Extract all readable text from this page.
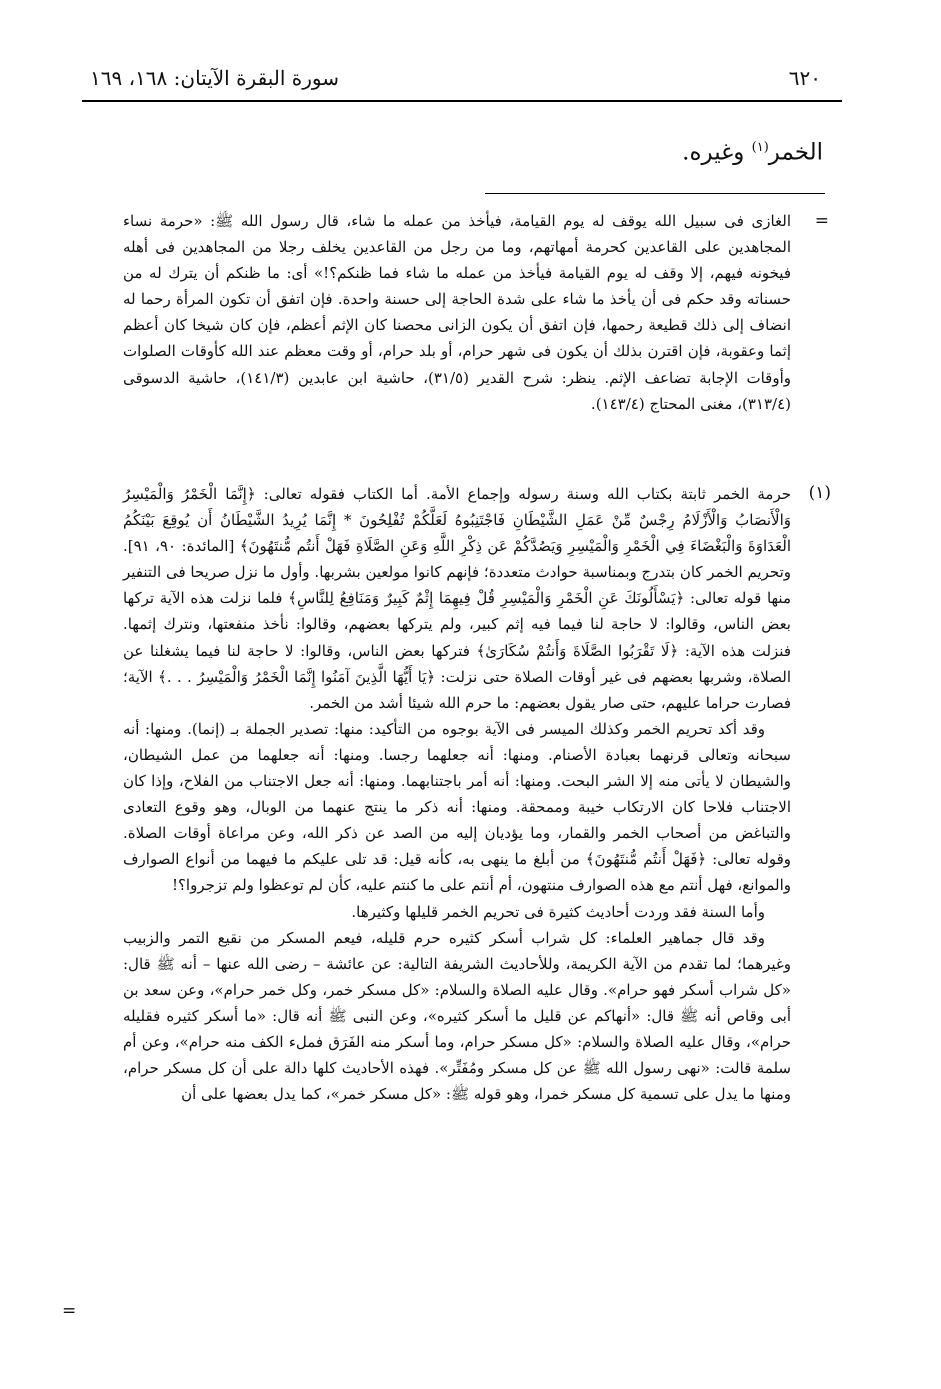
٦٢٠
سورة البقرة الآيتان: ١٦٨، ١٦٩
الخمر$^{(١)}$ وغيره.
=

الغازى فى سبيل الله يوقف له يوم القيامة، فيأخذ من عمله ما شاء، قال رسول الله ﷺ: «حرمة نساء المجاهدين على القاعدين كحرمة أمهاتهم، وما من رجل من القاعدين يخلف رجلا من المجاهدين فى أهله فيخونه فيهم، إلا وقف له يوم القيامة فيأخذ من عمله ما شاء فما ظنكم؟!» أى: ما ظنكم أن يترك له من حسناته وقد حكم فى أن يأخذ ما شاء على شدة الحاجة إلى حسنة واحدة. فإن اتفق أن تكون المرأة رحما له انضاف إلى ذلك قطيعة رحمها، فإن اتفق أن يكون الزانى محصنا كان الإثم أعظم، فإن كان شيخا كان أعظم إثما وعقوبة، فإن اقترن بذلك أن يكون فى شهر حرام، أو بلد حرام، أو وقت معظم عند الله كأوقات الصلوات وأوقات الإجابة تضاعف الإثم. ينظر: شرح القدير (٣١/٥)، حاشية ابن عابدين (١٤١/٣)، حاشية الدسوقى (٣١٣/٤)، مغنى المحتاج (١٤٣/٤).

(١)

حرمة الخمر ثابتة بكتاب الله وسنة رسوله وإجماع الأمة. أما الكتاب فقوله تعالى: ﴿إِنَّمَا الْخَمْرُ وَالْمَيْسِرُ وَالْأَنصَابُ وَالْأَزْلَامُ رِجْسٌ مِّنْ عَمَلِ الشَّيْطَانِ فَاجْتَنِبُوهُ لَعَلَّكُمْ تُفْلِحُونَ * إِنَّمَا يُرِيدُ الشَّيْطَانُ أَن يُوقِعَ بَيْنَكُمُ الْعَدَاوَةَ وَالْبَغْضَاءَ فِي الْخَمْرِ وَالْمَيْسِرِ وَيَصُدَّكُمْ عَن ذِكْرِ اللَّهِ وَعَنِ الصَّلَاةِ فَهَلْ أَنتُم مُّنتَهُونَ﴾ [المائدة: ٩٠، ٩١]. وتحريم الخمر كان بتدرج وبمناسبة حوادث متعددة؛ فإنهم كانوا مولعين بشربها. وأول ما نزل صريحا فى التنفير منها قوله تعالى: ﴿يَسْأَلُونَكَ عَنِ الْخَمْرِ وَالْمَيْسِرِ قُلْ فِيهِمَا إِثْمٌ كَبِيرٌ وَمَنَافِعُ لِلنَّاسِ﴾ فلما نزلت هذه الآية تركها بعض الناس، وقالوا: لا حاجة لنا فيما فيه إثم كبير، ولم يتركها بعضهم، وقالوا: نأخذ منفعتها، ونترك إثمها. فنزلت هذه الآية: ﴿لَا تَقْرَبُوا الصَّلَاةَ وَأَنتُمْ سُكَارَىٰ﴾ فتركها بعض الناس، وقالوا: لا حاجة لنا فيما يشغلنا عن الصلاة، وشربها بعضهم فى غير أوقات الصلاة حتى نزلت: ﴿يَا أَيُّهَا الَّذِينَ آمَنُوا إِنَّمَا الْخَمْرُ وَالْمَيْسِرُ . . .﴾ الآية؛ فصارت حراما عليهم، حتى صار يقول بعضهم: ما حرم الله شيئا أشد من الخمر.

وقد أكد تحريم الخمر وكذلك الميسر فى الآية بوجوه من التأكيد: منها: تصدير الجملة بـ (إنما). ومنها: أنه سبحانه وتعالى قرنهما بعبادة الأصنام. ومنها: أنه جعلهما رجسا. ومنها: أنه جعلهما من عمل الشيطان، والشيطان لا يأتى منه إلا الشر البحت. ومنها: أنه أمر باجتنابهما. ومنها: أنه جعل الاجتناب من الفلاح، وإذا كان الاجتناب فلاحا كان الارتكاب خيبة وممحقة. ومنها: أنه ذكر ما ينتج عنهما من الوبال، وهو وقوع التعادى والتباغض من أصحاب الخمر والقمار، وما يؤديان إليه من الصد عن ذكر الله، وعن مراعاة أوقات الصلاة. وقوله تعالى: ﴿فَهَلْ أَنتُم مُّنتَهُونَ﴾ من أبلغ ما ينهى به، كأنه قيل: قد تلى عليكم ما فيهما من أنواع الصوارف والموانع، فهل أنتم مع هذه الصوارف منتهون، أم أنتم على ما كنتم عليه، كأن لم توعظوا ولم تزجروا؟!

وأما السنة فقد وردت أحاديث كثيرة فى تحريم الخمر قليلها وكثيرها.

وقد قال جماهير العلماء: كل شراب أسكر كثيره حرم قليله، فيعم المسكر من نقيع التمر والزبيب وغيرهما؛ لما تقدم من الآية الكريمة، وللأحاديث الشريفة التالية: عن عائشة – رضى الله عنها – أنه ﷺ قال: «كل شراب أسكر فهو حرام». وقال عليه الصلاة والسلام: «كل مسكر خمر، وكل خمر حرام»، وعن سعد بن أبى وقاص أنه ﷺ قال: «أنهاكم عن قليل ما أسكر كثيره»، وعن النبى ﷺ أنه قال: «ما أسكر كثيره فقليله حرام»، وقال عليه الصلاة والسلام: «كل مسكر حرام، وما أسكر منه الفَرَق فملء الكف منه حرام»، وعن أم سلمة قالت: «نهى رسول الله ﷺ عن كل مسكر ومُفَتِّر». فهذه الأحاديث كلها دالة على أن كل مسكر حرام، ومنها ما يدل على تسمية كل مسكر خمرا، وهو قوله ﷺ: «كل مسكر خمر»، كما يدل بعضها على أن

=
